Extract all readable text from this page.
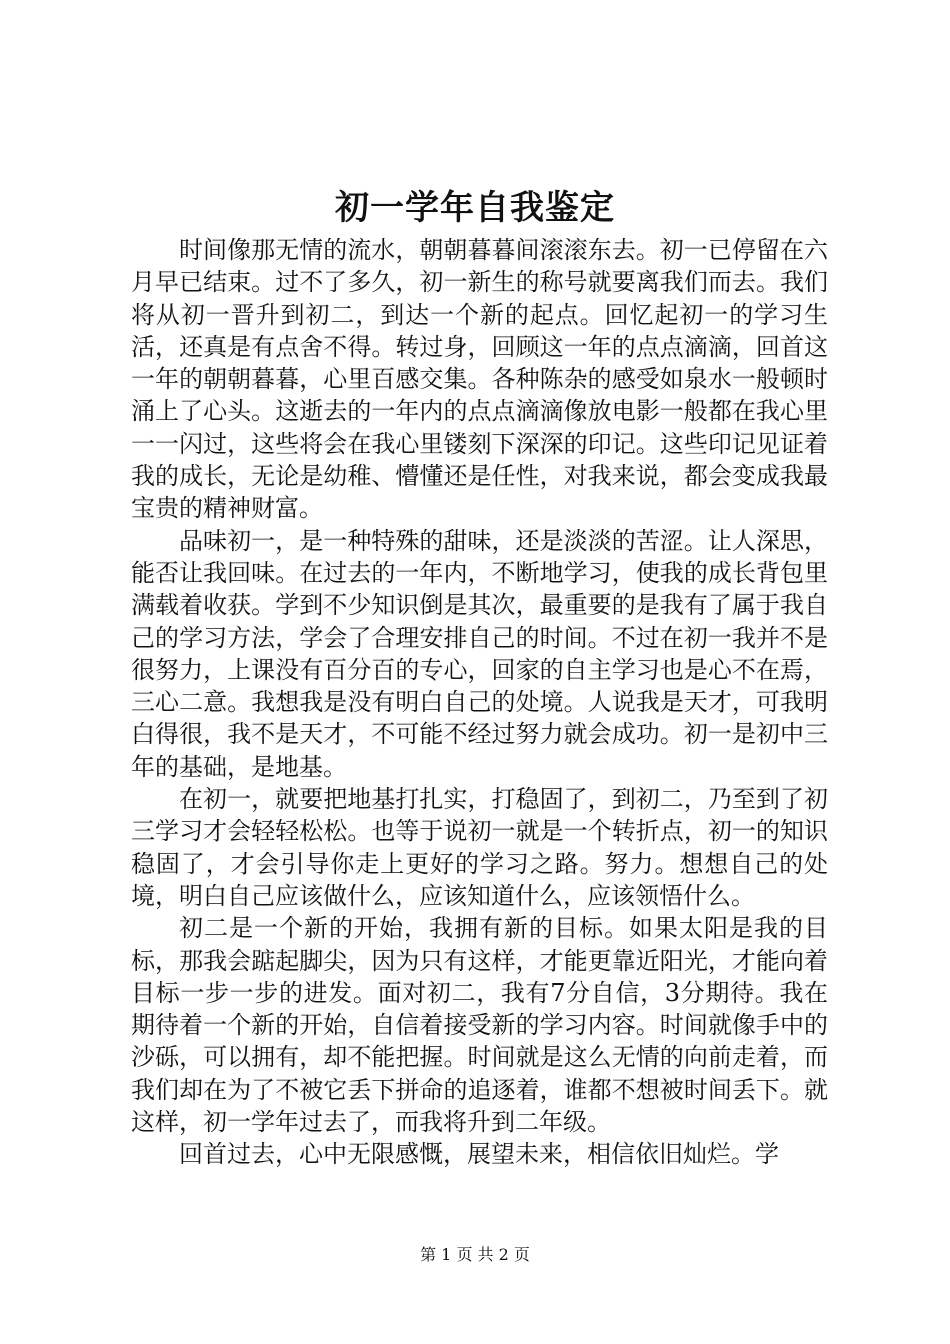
初一学年自我鉴定

时间像那无情的流水，朝朝暮暮间滚滚东去。初一已停留在六月早已结束。过不了多久，初一新生的称号就要离我们而去。我们将从初一晋升到初二，到达一个新的起点。回忆起初一的学习生活，还真是有点舍不得。转过身，回顾这一年的点点滴滴，回首这一年的朝朝暮暮，心里百感交集。各种陈杂的感受如泉水一般顿时涌上了心头。这逝去的一年内的点点滴滴像放电影一般都在我心里一一闪过，这些将会在我心里镂刻下深深的印记。这些印记见证着我的成长，无论是幼稚、懵懂还是任性，对我来说，都会变成我最宝贵的精神财富。

品味初一，是一种特殊的甜味，还是淡淡的苦涩。让人深思，能否让我回味。在过去的一年内，不断地学习，使我的成长背包里满载着收获。学到不少知识倒是其次，最重要的是我有了属于我自己的学习方法，学会了合理安排自己的时间。不过在初一我并不是很努力，上课没有百分百的专心，回家的自主学习也是心不在焉，三心二意。我想我是没有明白自己的处境。人说我是天才，可我明白得很，我不是天才，不可能不经过努力就会成功。初一是初中三年的基础，是地基。

在初一，就要把地基打扎实，打稳固了，到初二，乃至到了初三学习才会轻轻松松。也等于说初一就是一个转折点，初一的知识稳固了，才会引导你走上更好的学习之路。努力。想想自己的处境，明白自己应该做什么，应该知道什么，应该领悟什么。

初二是一个新的开始，我拥有新的目标。如果太阳是我的目标，那我会踮起脚尖，因为只有这样，才能更靠近阳光，才能向着目标一步一步的进发。面对初二，我有7分自信，3分期待。我在期待着一个新的开始，自信着接受新的学习内容。时间就像手中的沙砾，可以拥有，却不能把握。时间就是这么无情的向前走着，而我们却在为了不被它丢下拼命的追逐着，谁都不想被时间丢下。就这样，初一学年过去了，而我将升到二年级。

回首过去，心中无限感慨，展望未来，相信依旧灿烂。学

第 1 页 共 2 页
